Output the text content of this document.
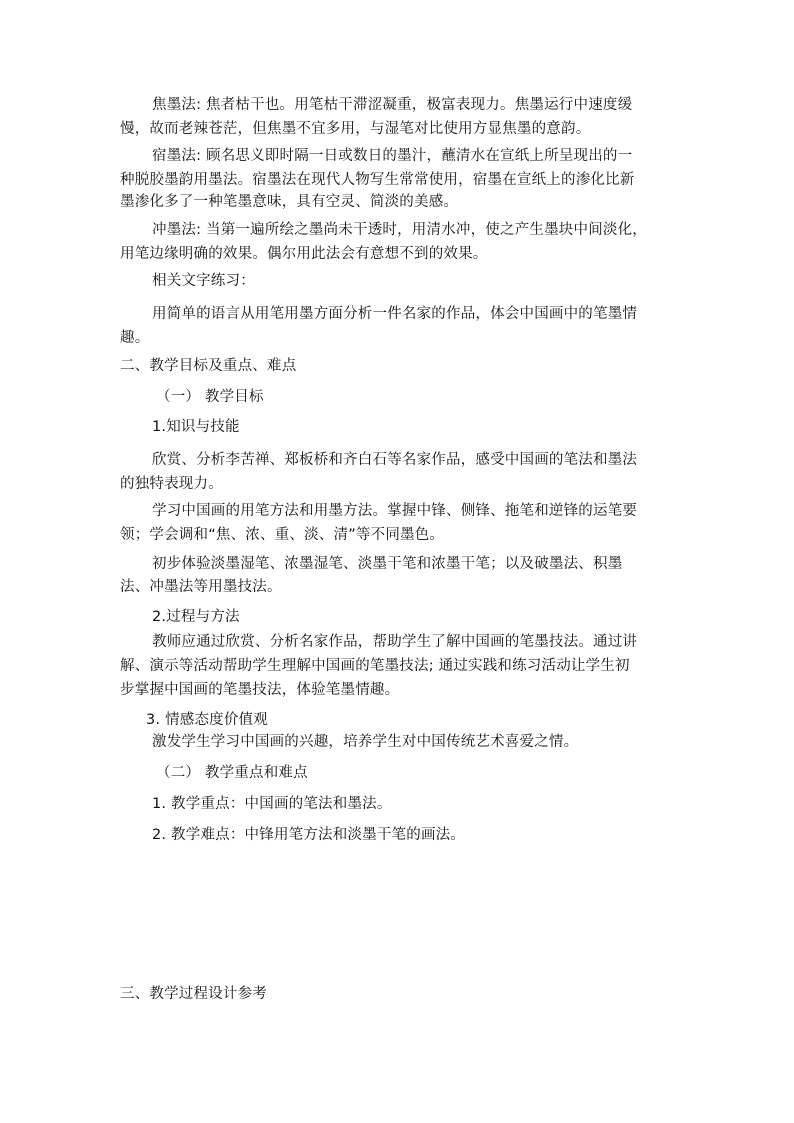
焦墨法: 焦者枯干也。用笔枯干滞涩凝重，极富表现力。焦墨运行中速度缓
慢，故而老辣苍茫，但焦墨不宜多用，与湿笔对比使用方显焦墨的意韵。
宿墨法: 顾名思义即时隔一日或数日的墨汁，蘸清水在宣纸上所呈现出的一
种脱胶墨韵用墨法。宿墨法在现代人物写生常常使用，宿墨在宣纸上的渗化比新
墨渗化多了一种笔墨意味，具有空灵、简淡的美感。
冲墨法: 当第一遍所绘之墨尚未干透时，用清水冲，使之产生墨块中间淡化，
用笔边缘明确的效果。偶尔用此法会有意想不到的效果。
相关文字练习：
用简单的语言从用笔用墨方面分析一件名家的作品，体会中国画中的笔墨情
趣。
二、教学目标及重点、难点
（一） 教学目标
1.知识与技能
欣赏、分析李苦禅、郑板桥和齐白石等名家作品，感受中国画的笔法和墨法
的独特表现力。
学习中国画的用笔方法和用墨方法。掌握中锋、侧锋、拖笔和逆锋的运笔要
领；学会调和“焦、浓、重、淡、清”等不同墨色。
初步体验淡墨湿笔、浓墨湿笔、淡墨干笔和浓墨干笔；以及破墨法、积墨
法、冲墨法等用墨技法。
2.过程与方法
教师应通过欣赏、分析名家作品，帮助学生了解中国画的笔墨技法。通过讲
解、演示等活动帮助学生理解中国画的笔墨技法; 通过实践和练习活动让学生初
步掌握中国画的笔墨技法，体验笔墨情趣。
3. 情感态度价值观
激发学生学习中国画的兴趣，培养学生对中国传统艺术喜爱之情。
（二） 教学重点和难点
1. 教学重点：中国画的笔法和墨法。
2. 教学难点：中锋用笔方法和淡墨干笔的画法。
三、教学过程设计参考
